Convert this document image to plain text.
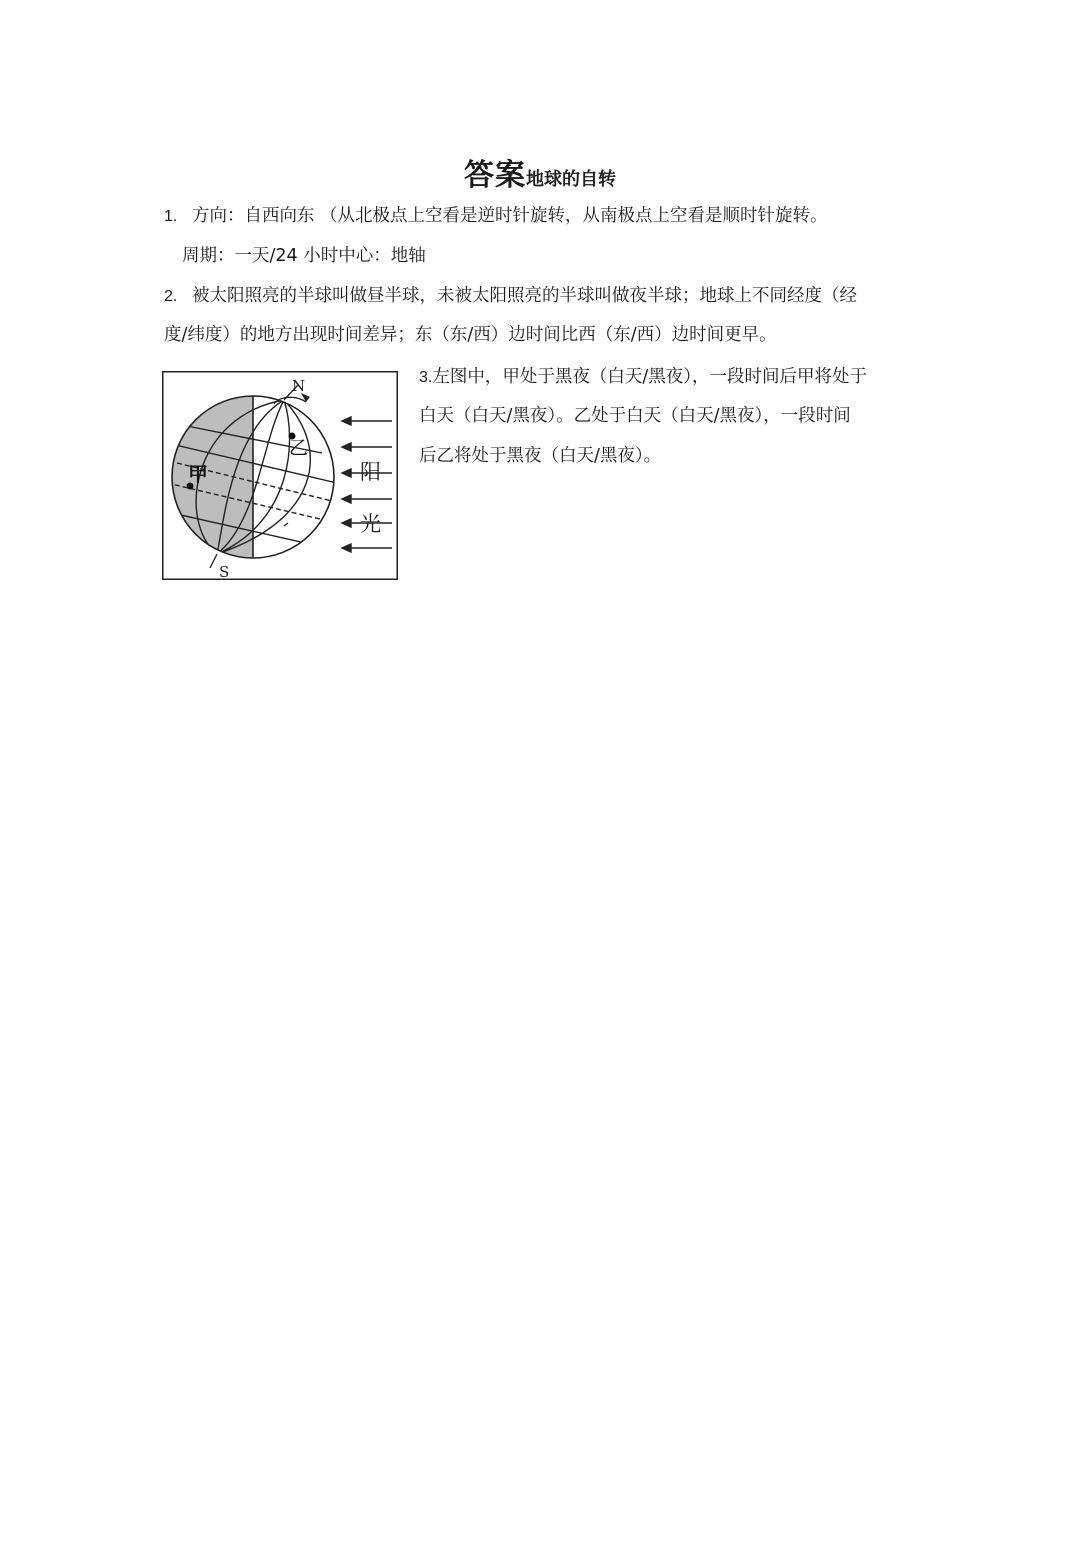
答案地球的自转
1. 方向：自西向东 （从北极点上空看是逆时针旋转，从南极点上空看是顺时针旋转。
周期：一天/24 小时中心：地轴
2. 被太阳照亮的半球叫做昼半球，未被太阳照亮的半球叫做夜半球；地球上不同经度（经
度/纬度）的地方出现时间差异；东（东/西）边时间比西（东/西）边时间更早。
3.左图中，甲处于黑夜（白天/黑夜），一段时间后甲将处于
白天（白天/黑夜）。乙处于白天（白天/黑夜），一段时间
后乙将处于黑夜（白天/黑夜）。
N
S
甲
乙
阳
光
